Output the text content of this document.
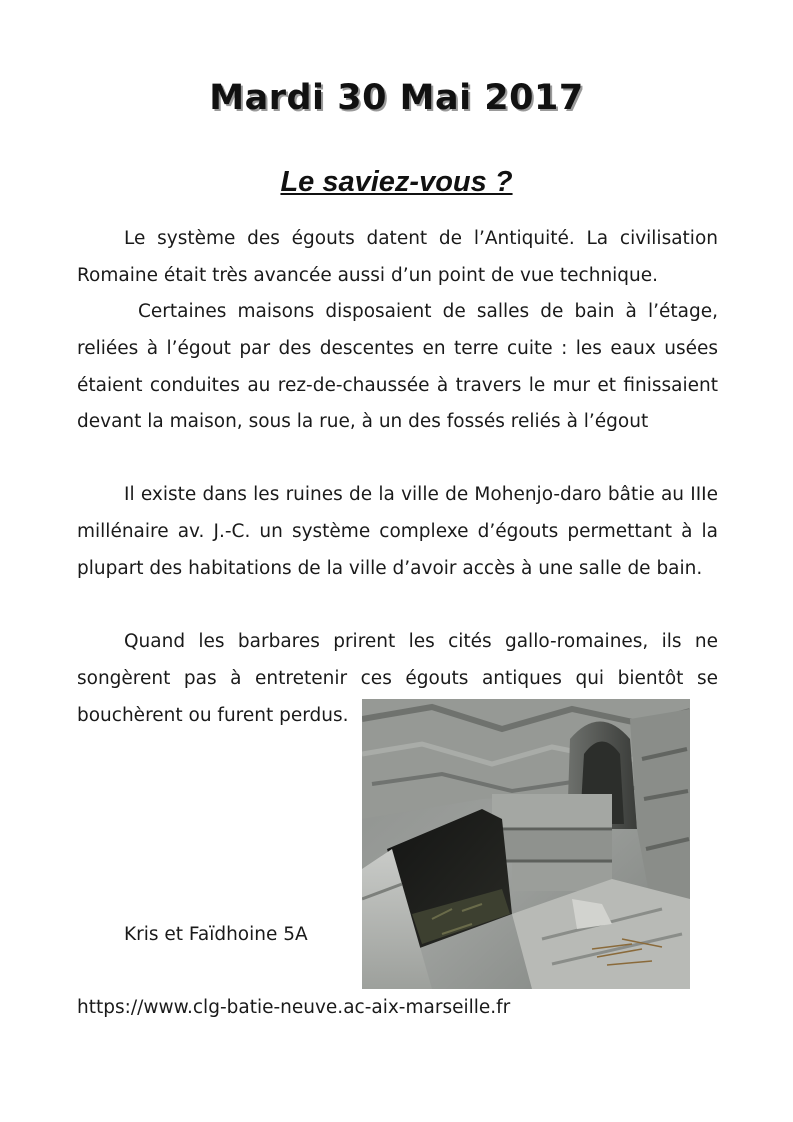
Mardi 30 Mai 2017
Le saviez-vous ?

Le système des égouts datent de l’Antiquité. La civilisation Romaine était très avancée aussi d’un point de vue technique.

Certaines maisons disposaient de salles de bain à l’étage, reliées à l’égout par des descentes en terre cuite : les eaux usées étaient conduites au rez-de-chaussée à travers le mur et finissaient devant la maison, sous la rue, à un des fossés reliés à l’égout

Il existe dans les ruines de la ville de Mohenjo-daro bâtie au IIIe millénaire av. J.-C. un système complexe d’égouts permettant à la plupart des habitations de la ville d’avoir accès à une salle de bain.

Quand les barbares prirent les cités gallo-romaines, ils ne songèrent pas à entretenir ces égouts antiques qui bientôt se bouchèrent ou furent perdus.

Kris et Faïdhoine 5A

https://www.clg-batie-neuve.ac-aix-marseille.fr
